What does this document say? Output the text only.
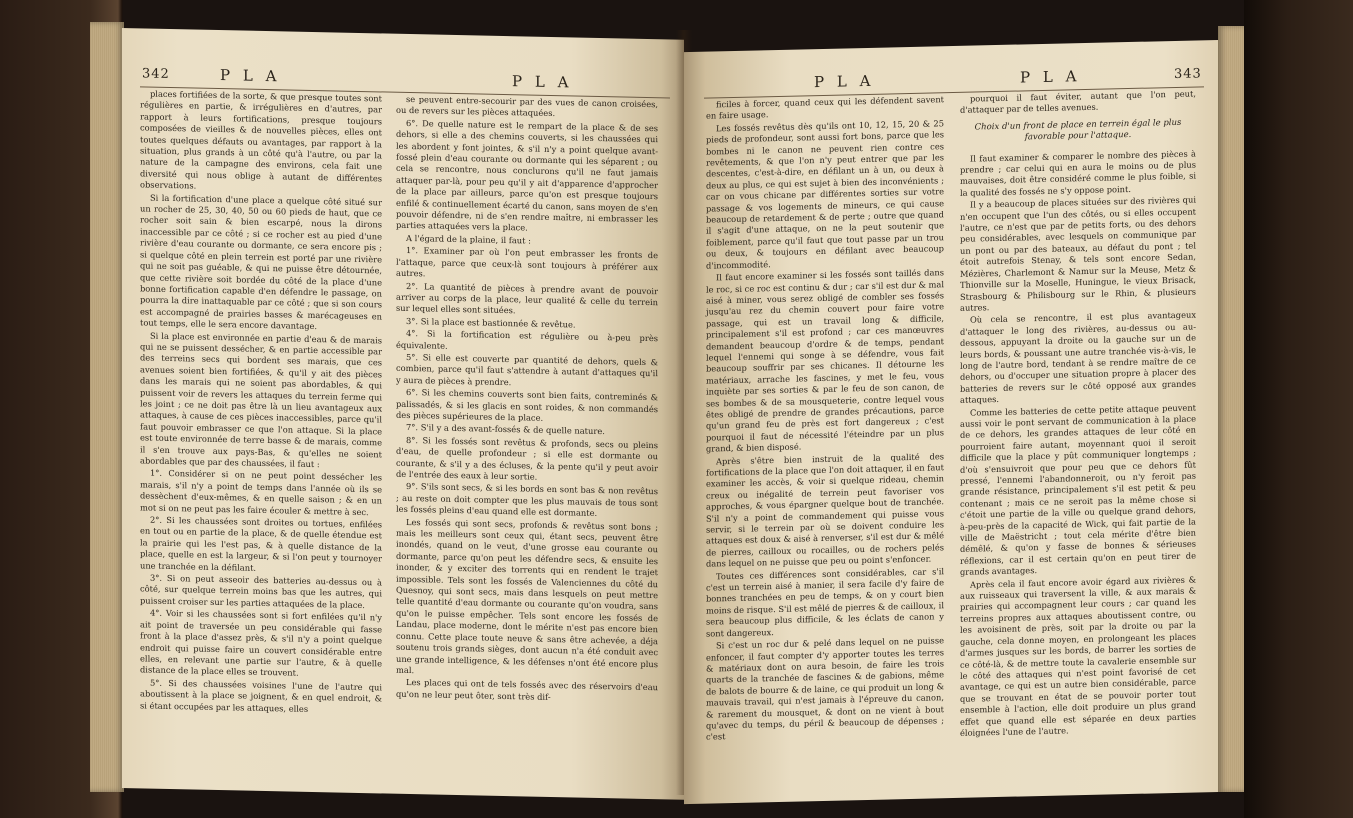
342	P L A	P L A

places fortifiées de la sorte, & que presque toutes sont régulières en partie, & irrégulières en d'autres, par rapport à leurs fortifications, presque toujours composées de vieilles & de nouvelles pièces, elles ont toutes quelques défauts ou avantages, par rapport à la situation, plus grands à un côté qu'à l'autre, ou par la nature de la campagne des environs, cela fait une diversité qui nous oblige à autant de différentes observations.

Si la fortification d'une place a quelque côté situé sur un rocher de 25, 30, 40, 50 ou 60 pieds de haut, que ce rocher soit sain & bien escarpé, nous la dirons inaccessible par ce côté ; si ce rocher est au pied d'une rivière d'eau courante ou dormante, ce sera encore pis ; si quelque côté en plein terrein est porté par une rivière qui ne soit pas guéable, & qui ne puisse être détournée, que cette rivière soit bordée du côté de la place d'une bonne fortification capable d'en défendre le passage, on pourra la dire inattaquable par ce côté ; que si son cours est accompagné de prairies basses & marécageuses en tout temps, elle le sera encore davantage.

Si la place est environnée en partie d'eau & de marais qui ne se puissent dessécher, & en partie accessible par des terreins secs qui bordent ses marais, que ces avenues soient bien fortifiées, & qu'il y ait des pièces dans les marais qui ne soient pas abordables, & qui puissent voir de revers les attaques du terrein ferme qui les joint ; ce ne doit pas être là un lieu avantageux aux attaques, à cause de ces pièces inaccessibles, parce qu'il faut pouvoir embrasser ce que l'on attaque. Si la place est toute environnée de terre basse & de marais, comme il s'en trouve aux pays-Bas, & qu'elles ne soient abordables que par des chaussées, il faut :

1°. Considérer si on ne peut point dessécher les marais, s'il n'y a point de temps dans l'année où ils se dessèchent d'eux-mêmes, & en quelle saison ; & en un mot si on ne peut pas les faire écouler & mettre à sec.

2°. Si les chaussées sont droites ou tortues, enfilées en tout ou en partie de la place, & de quelle étendue est la prairie qui les l'est pas, & à quelle distance de la place, quelle en est la largeur, & si l'on peut y tournoyer une tranchée en la défilant.

3°. Si on peut asseoir des batteries au-dessus ou à côté, sur quelque terrein moins bas que les autres, qui puissent croiser sur les parties attaquées de la place.

4°. Voir si les chaussées sont si fort enfilées qu'il n'y ait point de traversée un peu considérable qui fasse front à la place d'assez près, & s'il n'y a point quelque endroit qui puisse faire un couvert considérable entre elles, en relevant une partie sur l'autre, & à quelle distance de la place elles se trouvent.

5°. Si des chaussées voisines l'une de l'autre qui aboutissent à la place se joignent, & en quel endroit, & si étant occupées par les attaques, elles

se peuvent entre-secourir par des vues de canon croisées, ou de revers sur les pièces attaquées.

6°. De quelle nature est le rempart de la place & de ses dehors, si elle a des chemins couverts, si les chaussées qui les abordent y font jointes, & s'il n'y a point quelque avant-fossé plein d'eau courante ou dormante qui les séparent ; ou cela se rencontre, nous conclurons qu'il ne faut jamais attaquer par-là, pour peu qu'il y ait d'apparence d'approcher de la place par ailleurs, parce qu'on est presque toujours enfilé & continuellement écarté du canon, sans moyen de s'en pouvoir défendre, ni de s'en rendre maître, ni embrasser les parties attaquées vers la place.

A l'égard de la plaine, il faut :

1°. Examiner par où l'on peut embrasser les fronts de l'attaque, parce que ceux-là sont toujours à préférer aux autres.

2°. La quantité de pièces à prendre avant de pouvoir arriver au corps de la place, leur qualité & celle du terrein sur lequel elles sont situées.

3°. Si la place est bastionnée & revêtue.

4°. Si la fortification est régulière ou à-peu près équivalente.

5°. Si elle est couverte par quantité de dehors, quels & combien, parce qu'il faut s'attendre à autant d'attaques qu'il y aura de pièces à prendre.

6°. Si les chemins couverts sont bien faits, contreminés & palissadés, & si les glacis en sont roides, & non commandés des pièces supérieures de la place.

7°. S'il y a des avant-fossés & de quelle nature.

8°. Si les fossés sont revêtus & profonds, secs ou pleins d'eau, de quelle profondeur ; si elle est dormante ou courante, & s'il y a des écluses, & la pente qu'il y peut avoir de l'entrée des eaux à leur sortie.

9°. S'ils sont secs, & si les bords en sont bas & non revêtus ; au reste on doit compter que les plus mauvais de tous sont les fossés pleins d'eau quand elle est dormante.

Les fossés qui sont secs, profonds & revêtus sont bons ; mais les meilleurs sont ceux qui, étant secs, peuvent être inondés, quand on le veut, d'une grosse eau courante ou dormante, parce qu'on peut les défendre secs, & ensuite les inonder, & y exciter des torrents qui en rendent le trajet impossible. Tels sont les fossés de Valenciennes du côté du Quesnoy, qui sont secs, mais dans lesquels on peut mettre telle quantité d'eau dormante ou courante qu'on voudra, sans qu'on le puisse empêcher. Tels sont encore les fossés de Landau, place moderne, dont le mérite n'est pas encore bien connu. Cette place toute neuve & sans être achevée, a déja soutenu trois grands sièges, dont aucun n'a été conduit avec une grande intelligence, & les défenses n'ont été encore plus mal.

Les places qui ont de tels fossés avec des réservoirs d'eau qu'on ne leur peut ôter, sont très dif-

P L A	P L A	343

ficiles à forcer, quand ceux qui les défendent savent en faire usage.

Les fossés revêtus dès qu'ils ont 10, 12, 15, 20 & 25 pieds de profondeur, sont aussi fort bons, parce que les bombes ni le canon ne peuvent rien contre ces revêtements, & que l'on n'y peut entrer que par les descentes, c'est-à-dire, en défilant un à un, ou deux à deux au plus, ce qui est sujet à bien des inconvénients ; car on vous chicane par différentes sorties sur votre passage & vos logements de mineurs, ce qui cause beaucoup de retardement & de perte ; outre que quand il s'agit d'une attaque, on ne la peut soutenir que foiblement, parce qu'il faut que tout passe par un trou ou deux, & toujours en défilant avec beaucoup d'incommodité.

Il faut encore examiner si les fossés sont taillés dans le roc, si ce roc est continu & dur ; car s'il est dur & mal aisé à miner, vous serez obligé de combler ses fossés jusqu'au rez du chemin couvert pour faire votre passage, qui est un travail long & difficile, principalement s'il est profond ; car ces manœuvres demandent beaucoup d'ordre & de temps, pendant lequel l'ennemi qui songe à se défendre, vous fait beaucoup souffrir par ses chicanes. Il détourne les matériaux, arrache les fascines, y met le feu, vous inquiète par ses sorties & par le feu de son canon, de ses bombes & de sa mousqueterie, contre lequel vous êtes obligé de prendre de grandes précautions, parce qu'un grand feu de près est fort dangereux ; c'est pourquoi il faut de nécessité l'éteindre par un plus grand, & bien disposé.

Après s'être bien instruit de la qualité des fortifications de la place que l'on doit attaquer, il en faut examiner les accès, & voir si quelque rideau, chemin creux ou inégalité de terrein peut favoriser vos approches, & vous épargner quelque bout de tranchée. S'il n'y a point de commandement qui puisse vous servir, si le terrein par où se doivent conduire les attaques est doux & aisé à renverser, s'il est dur & mêlé de pierres, cailloux ou rocailles, ou de rochers pelés dans lequel on ne puisse que peu ou point s'enfoncer.

Toutes ces différences sont considérables, car s'il c'est un terrein aisé à manier, il sera facile d'y faire de bonnes tranchées en peu de temps, & on y court bien moins de risque. S'il est mêlé de pierres & de cailloux, il sera beaucoup plus difficile, & les éclats de canon y sont dangereux.

Si c'est un roc dur & pelé dans lequel on ne puisse enfoncer, il faut compter d'y apporter toutes les terres & matériaux dont on aura besoin, de faire les trois quarts de la tranchée de fascines & de gabions, même de balots de bourre & de laine, ce qui produit un long & mauvais travail, qui n'est jamais à l'épreuve du canon, & rarement du mousquet, & dont on ne vient à bout qu'avec du temps, du péril & beaucoup de dépenses ; c'est

pourquoi il faut éviter, autant que l'on peut, d'attaquer par de telles avenues.

Choix d'un front de place en terrein égal le plus favorable pour l'attaque.

Il faut examiner & comparer le nombre des pièces à prendre ; car celui qui en aura le moins ou de plus mauvaises, doit être considéré comme le plus foible, si la qualité des fossés ne s'y oppose point.

Il y a beaucoup de places situées sur des rivières qui n'en occupent que l'un des côtés, ou si elles occupent l'autre, ce n'est que par de petits forts, ou des dehors peu considérables, avec lesquels on communique par un pont ou par des bateaux, au défaut du pont ; tel étoit autrefois Stenay, & tels sont encore Sedan, Mézières, Charlemont & Namur sur la Meuse, Metz & Thionville sur la Moselle, Huningue, le vieux Brisack, Strasbourg & Philisbourg sur le Rhin, & plusieurs autres.

Où cela se rencontre, il est plus avantageux d'attaquer le long des rivières, au-dessus ou au-dessous, appuyant la droite ou la gauche sur un de leurs bords, & poussant une autre tranchée vis-à-vis, le long de l'autre bord, tendant à se rendre maître de ce dehors, ou d'occuper une situation propre à placer des batteries de revers sur le côté opposé aux grandes attaques.

Comme les batteries de cette petite attaque peuvent aussi voir le pont servant de communication à la place de ce dehors, les grandes attaques de leur côté en pourroient faire autant, moyennant quoi il seroit difficile que la place y pût communiquer longtemps ; d'où s'ensuivroit que pour peu que ce dehors fût pressé, l'ennemi l'abandonneroit, ou n'y feroit pas grande résistance, principalement s'il est petit & peu contenant ; mais ce ne seroit pas la même chose si c'étoit une partie de la ville ou quelque grand dehors, à-peu-près de la capacité de Wick, qui fait partie de la ville de Maëstricht ; tout cela mérite d'être bien démêlé, & qu'on y fasse de bonnes & sérieuses réflexions, car il est certain qu'on en peut tirer de grands avantages.

Après cela il faut encore avoir égard aux rivières & aux ruisseaux qui traversent la ville, & aux marais & prairies qui accompagnent leur cours ; car quand les terreins propres aux attaques aboutissent contre, ou les avoisinent de près, soit par la droite ou par la gauche, cela donne moyen, en prolongeant les places d'armes jusques sur les bords, de barrer les sorties de ce côté-là, & de mettre toute la cavalerie ensemble sur le côté des attaques qui n'est point favorisé de cet avantage, ce qui est un autre bien considérable, parce que se trouvant en état de se pouvoir porter tout ensemble à l'action, elle doit produire un plus grand effet que quand elle est séparée en deux parties éloignées l'une de l'autre.
